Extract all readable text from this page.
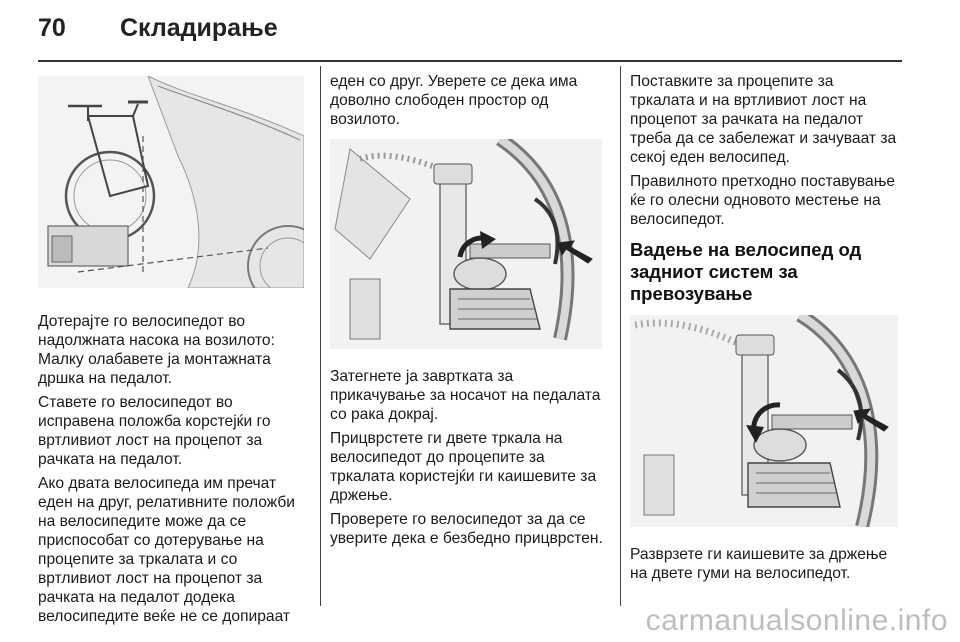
70 Складирање

Дотерајте го велосипедот во надолжната насока на возилото: Малку олабавете ја монтажната дршка на педалот.

Ставете го велосипедот во исправена положба корстејќи го вртливиот лост на процепот за рачката на педалот.

Ако двата велосипеда им пречат еден на друг, релативните положби на велосипедите може да се приспособат со дотерување на процепите за тркалата и со вртливиот лост на процепот за рачката на педалот додека велосипедите веќе не се допираат

еден со друг. Уверете се дека има доволно слободен простор од возилото.

Затегнете ја завртката за прикачување за носачот на педалата со рака докрај.

Прицврстете ги двете тркала на велосипедот до процепите за тркалата користејќи ги каишевите за држење.

Проверете го велосипедот за да се уверите дека е безбедно прицврстен.

Поставките за процепите за тркалата и на вртливиот лост на процепот за рачката на педалот треба да се забележат и зачуваат за секој еден велосипед.

Правилното претходно поставување ќе го олесни одновото местење на велосипедот.

Вадење на велосипед од задниот систем за превозување

Разврзете ги каишевите за држење на двете гуми на велосипедот.

carmanualsonline.info
